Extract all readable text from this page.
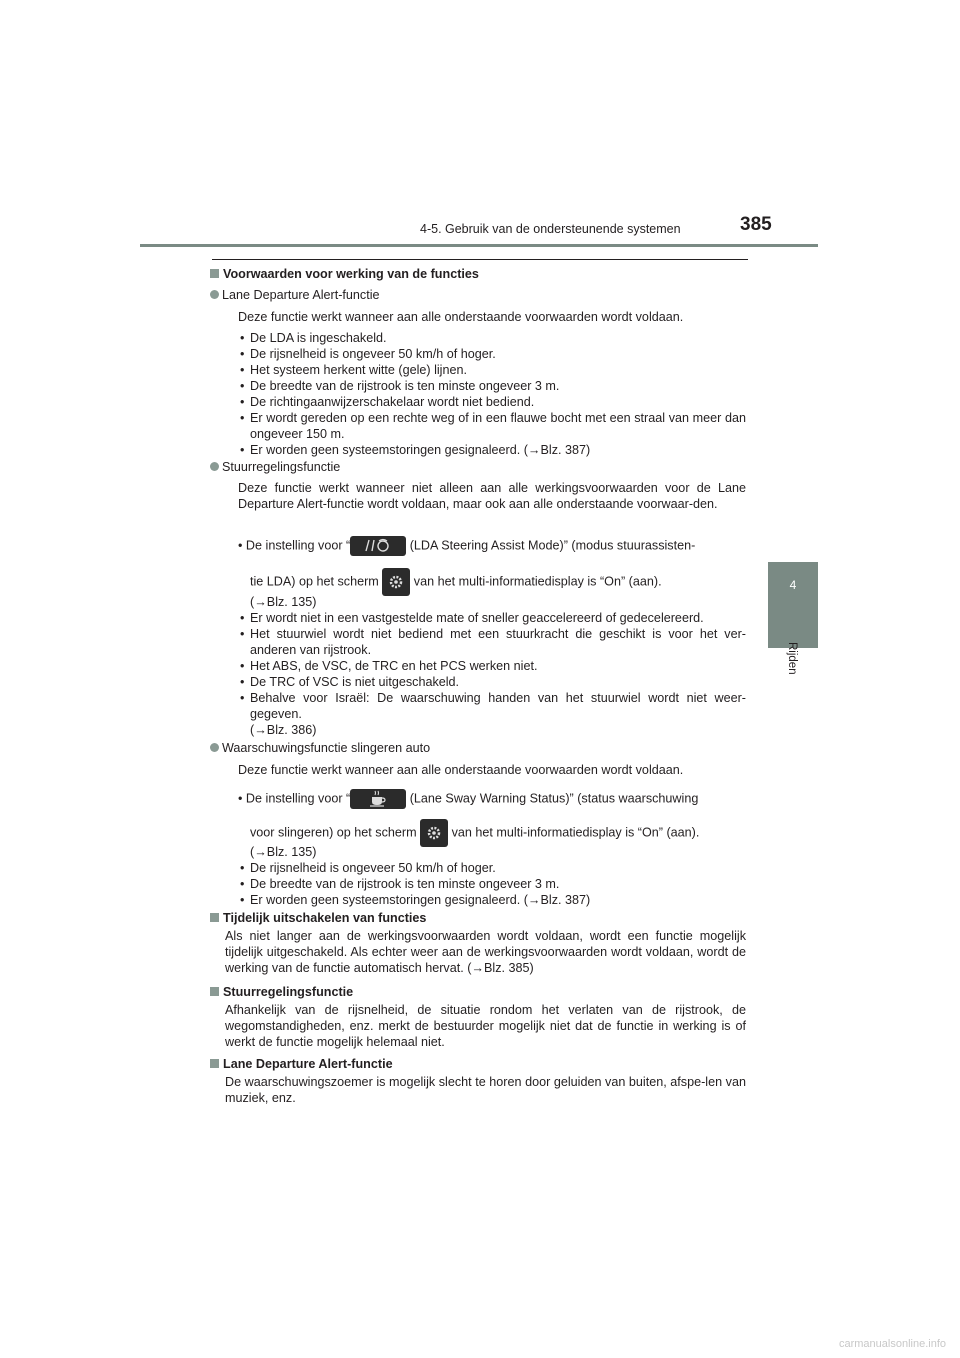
4-5. Gebruik van de ondersteunende systemen	385
4
Rijden
Voorwaarden voor werking van de functies
Lane Departure Alert-functie
Deze functie werkt wanneer aan alle onderstaande voorwaarden wordt voldaan.
• De LDA is ingeschakeld.
• De rijsnelheid is ongeveer 50 km/h of hoger.
• Het systeem herkent witte (gele) lijnen.
• De breedte van de rijstrook is ten minste ongeveer 3 m.
• De richtingaanwijzerschakelaar wordt niet bediend.
• Er wordt gereden op een rechte weg of in een flauwe bocht met een straal van meer dan ongeveer 150 m.
• Er worden geen systeemstoringen gesignaleerd. (→Blz. 387)
Stuurregelingsfunctie
Deze functie werkt wanneer niet alleen aan alle werkingsvoorwaarden voor de Lane Departure Alert-functie wordt voldaan, maar ook aan alle onderstaande voorwaar-den.
• De instelling voor “	(LDA Steering Assist Mode)” (modus stuurassisten-
tie LDA) op het scherm
van het multi-informatiedisplay is “On” (aan).
(→Blz. 135)
• Er wordt niet in een vastgestelde mate of sneller geaccelereerd of gedecelereerd.
• Het stuurwiel wordt niet bediend met een stuurkracht die geschikt is voor het ver-anderen van rijstrook.
• Het ABS, de VSC, de TRC en het PCS werken niet.
• De TRC of VSC is niet uitgeschakeld.
• Behalve voor Israël: De waarschuwing handen van het stuurwiel wordt niet weer-gegeven.
(→Blz. 386)
Waarschuwingsfunctie slingeren auto
Deze functie werkt wanneer aan alle onderstaande voorwaarden wordt voldaan.
• De instelling voor “	(Lane Sway Warning Status)” (status waarschuwing
voor slingeren) op het scherm
van het multi-informatiedisplay is “On” (aan).
(→Blz. 135)
• De rijsnelheid is ongeveer 50 km/h of hoger.
• De breedte van de rijstrook is ten minste ongeveer 3 m.
• Er worden geen systeemstoringen gesignaleerd. (→Blz. 387)
Tijdelijk uitschakelen van functies
Als niet langer aan de werkingsvoorwaarden wordt voldaan, wordt een functie mogelijk tijdelijk uitgeschakeld. Als echter weer aan de werkingsvoorwaarden wordt voldaan, wordt de werking van de functie automatisch hervat. (→Blz. 385)
Stuurregelingsfunctie
Afhankelijk van de rijsnelheid, de situatie rondom het verlaten van de rijstrook, de wegomstandigheden, enz. merkt de bestuurder mogelijk niet dat de functie in werking is of werkt de functie mogelijk helemaal niet.
Lane Departure Alert-functie
De waarschuwingszoemer is mogelijk slecht te horen door geluiden van buiten, afspe-len van muziek, enz.
carmanualsonline.info
